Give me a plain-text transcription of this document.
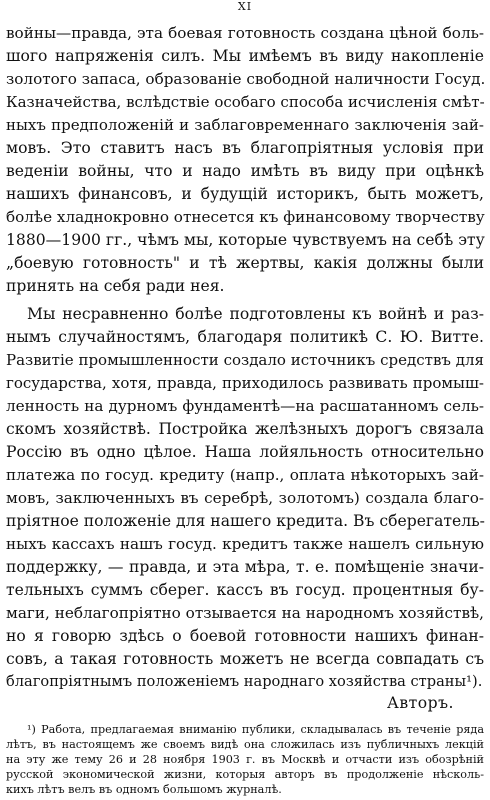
XI
войны—правда, эта боевая готовность создана цѣной боль-
шого напряженія силъ. Мы имѣемъ въ виду накопленіе
золотого запаса, образованіе свободной наличности Госуд.
Казначейства, вслѣдствіе особаго способа исчисленія смѣт-
ныхъ предположеній и заблаговременнаго заключенія зай-
мовъ. Это ставитъ насъ въ благопріятныя условія при
веденіи войны, что и надо имѣть въ виду при оцѣнкѣ
нашихъ финансовъ, и будущій историкъ, быть можетъ,
болѣе хладнокровно отнесется къ финансовому творчеству
1880—1900 гг., чѣмъ мы, которые чувствуемъ на себѣ эту
„боевую готовность" и тѣ жертвы, какія должны были
принять на себя ради нея.
Мы несравненно болѣе подготовлены къ войнѣ и раз-
нымъ случайностямъ, благодаря политикѣ С. Ю. Витте.
Развитіе промышленности создало источникъ средствъ для
государства, хотя, правда, приходилось развивать промыш-
ленность на дурномъ фундаментѣ—на расшатанномъ сель-
скомъ хозяйствѣ. Постройка желѣзныхъ дорогъ связала
Россію въ одно цѣлое. Наша лойяльность относительно
платежа по госуд. кредиту (напр., оплата нѣкоторыхъ зай-
мовъ, заключенныхъ въ серебрѣ, золотомъ) создала благо-
пріятное положеніе для нашего кредита. Въ сберегатель-
ныхъ кассахъ нашъ госуд. кредитъ также нашелъ сильную
поддержку, — правда, и эта мѣра, т. е. помѣщеніе значи-
тельныхъ суммъ сберег. кассъ въ госуд. процентныя бу-
маги, неблагопріятно отзывается на народномъ хозяйствѣ,
но я говорю здѣсь о боевой готовности нашихъ финан-
совъ, а такая готовность можетъ не всегда совпадать съ
благопріятнымъ положеніемъ народнаго хозяйства страны¹).
Авторъ.
¹) Работа, предлагаемая вниманію публики, складывалась въ теченіе ряда
лѣтъ, въ настоящемъ же своемъ видѣ она сложилась изъ публичныхъ лекцій
на эту же тему 26 и 28 ноября 1903 г. въ Москвѣ и отчасти изъ обозрѣній
русской экономической жизни, которыя авторъ въ продолженіе нѣсколь-
кихъ лѣтъ велъ въ одномъ большомъ журналѣ.
